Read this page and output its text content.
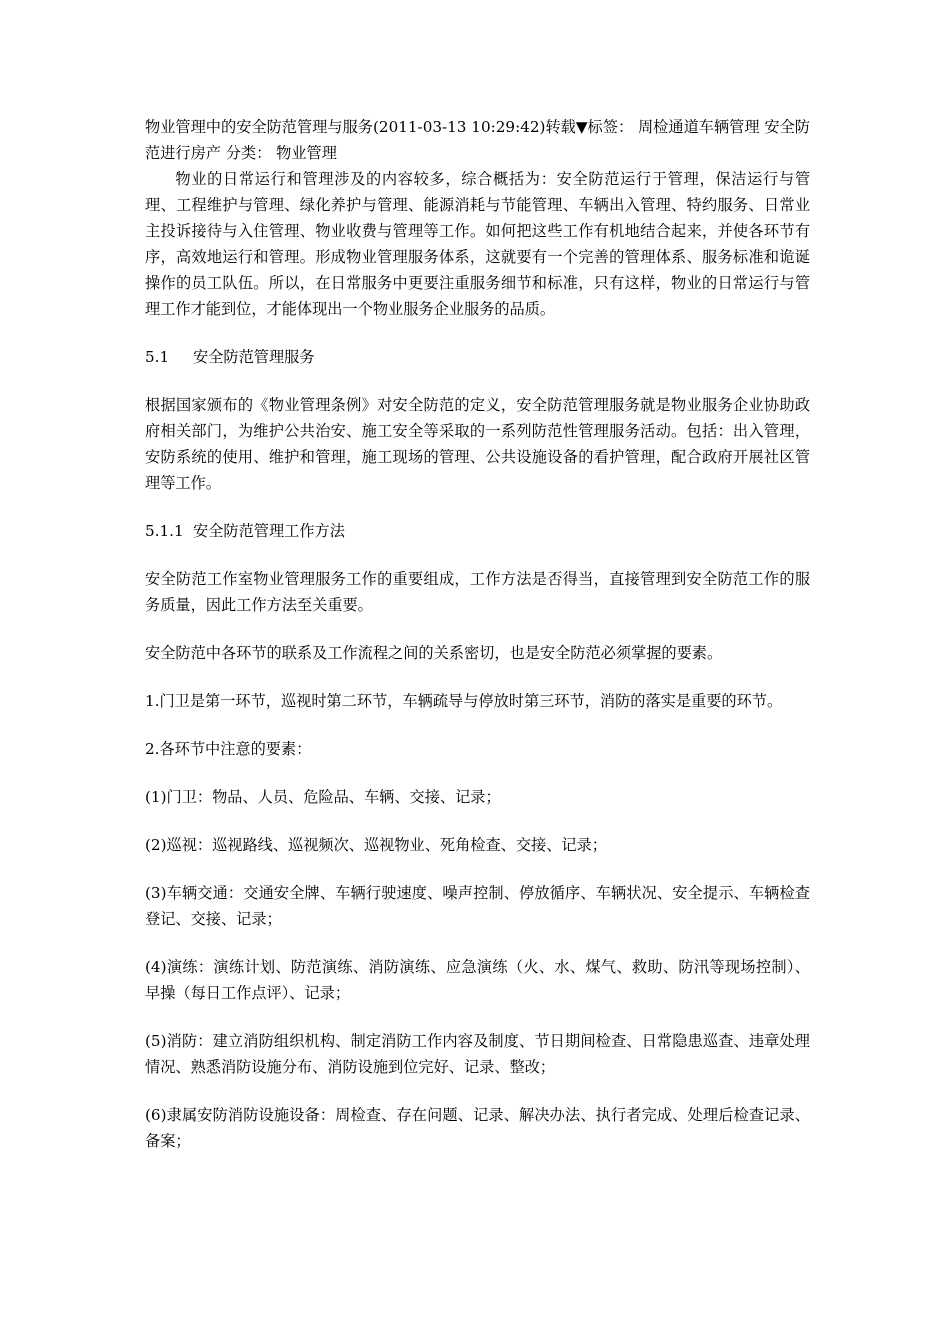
物业管理中的安全防范管理与服务(2011-03-13 10:29:42)转载▼标签： 周检通道车辆管理 安全防范进行房产 分类： 物业管理

物业的日常运行和管理涉及的内容较多，综合概括为：安全防范运行于管理，保洁运行与管理、工程维护与管理、绿化养护与管理、能源消耗与节能管理、车辆出入管理、特约服务、日常业主投诉接待与入住管理、物业收费与管理等工作。如何把这些工作有机地结合起来，并使各环节有序，高效地运行和管理。形成物业管理服务体系，这就要有一个完善的管理体系、服务标准和诡诞操作的员工队伍。所以，在日常服务中更要注重服务细节和标准，只有这样，物业的日常运行与管理工作才能到位，才能体现出一个物业服务企业服务的品质。

5.1 安全防范管理服务

根据国家颁布的《物业管理条例》对安全防范的定义，安全防范管理服务就是物业服务企业协助政府相关部门，为维护公共治安、施工安全等采取的一系列防范性管理服务活动。包括：出入管理，安防系统的使用、维护和管理，施工现场的管理、公共设施设备的看护管理，配合政府开展社区管理等工作。

5.1.1 安全防范管理工作方法

安全防范工作室物业管理服务工作的重要组成，工作方法是否得当，直接管理到安全防范工作的服务质量，因此工作方法至关重要。

安全防范中各环节的联系及工作流程之间的关系密切，也是安全防范必须掌握的要素。

1.门卫是第一环节，巡视时第二环节，车辆疏导与停放时第三环节，消防的落实是重要的环节。

2.各环节中注意的要素：

(1)门卫：物品、人员、危险品、车辆、交接、记录；

(2)巡视：巡视路线、巡视频次、巡视物业、死角检查、交接、记录；

(3)车辆交通：交通安全牌、车辆行驶速度、噪声控制、停放循序、车辆状况、安全提示、车辆检查登记、交接、记录；

(4)演练：演练计划、防范演练、消防演练、应急演练（火、水、煤气、救助、防汛等现场控制）、早操（每日工作点评）、记录；

(5)消防：建立消防组织机构、制定消防工作内容及制度、节日期间检查、日常隐患巡查、违章处理情况、熟悉消防设施分布、消防设施到位完好、记录、整改；

(6)隶属安防消防设施设备：周检查、存在问题、记录、解决办法、执行者完成、处理后检查记录、备案；
